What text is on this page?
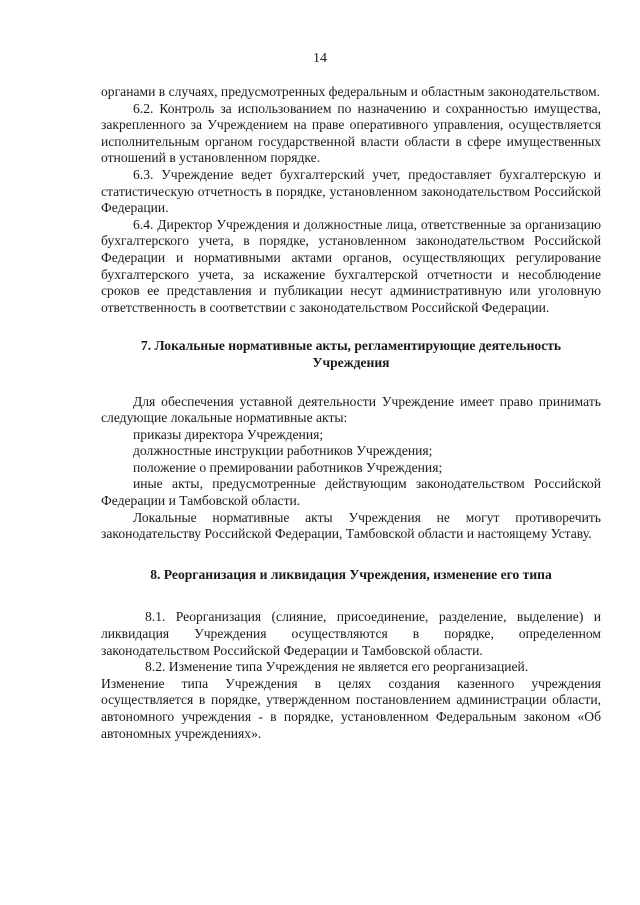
14

органами в случаях, предусмотренных федеральным и областным законодательством.

6.2. Контроль за использованием по назначению и сохранностью имущества, закрепленного за Учреждением на праве оперативного управления, осуществляется исполнительным органом государственной власти области в сфере имущественных отношений в установленном порядке.

6.3. Учреждение ведет бухгалтерский учет, предоставляет бухгалтерскую и статистическую отчетность в порядке, установленном законодательством Российской Федерации.

6.4. Директор Учреждения и должностные лица, ответственные за организацию бухгалтерского учета, в порядке, установленном законодательством Российской Федерации и нормативными актами органов, осуществляющих регулирование бухгалтерского учета, за искажение бухгалтерской отчетности и несоблюдение сроков ее представления и публикации несут административную или уголовную ответственность в соответствии с законодательством Российской Федерации.

7. Локальные нормативные акты, регламентирующие деятельность
Учреждения

Для обеспечения уставной деятельности Учреждение имеет право принимать следующие локальные нормативные акты:

приказы директора Учреждения;

должностные инструкции работников Учреждения;

положение о премировании работников Учреждения;

иные акты, предусмотренные действующим законодательством Российской Федерации и Тамбовской области.

Локальные нормативные акты Учреждения не могут противоречить законодательству Российской Федерации, Тамбовской области и настоящему Уставу.

8. Реорганизация и ликвидация Учреждения, изменение его типа

8.1. Реорганизация (слияние, присоединение, разделение, выделение) и ликвидация Учреждения осуществляются в порядке, определенном законодательством Российской Федерации и Тамбовской области.

8.2. Изменение типа Учреждения не является его реорганизацией.

Изменение типа Учреждения в целях создания казенного учреждения осуществляется в порядке, утвержденном постановлением администрации области, автономного учреждения - в порядке, установленном Федеральным законом «Об автономных учреждениях».
